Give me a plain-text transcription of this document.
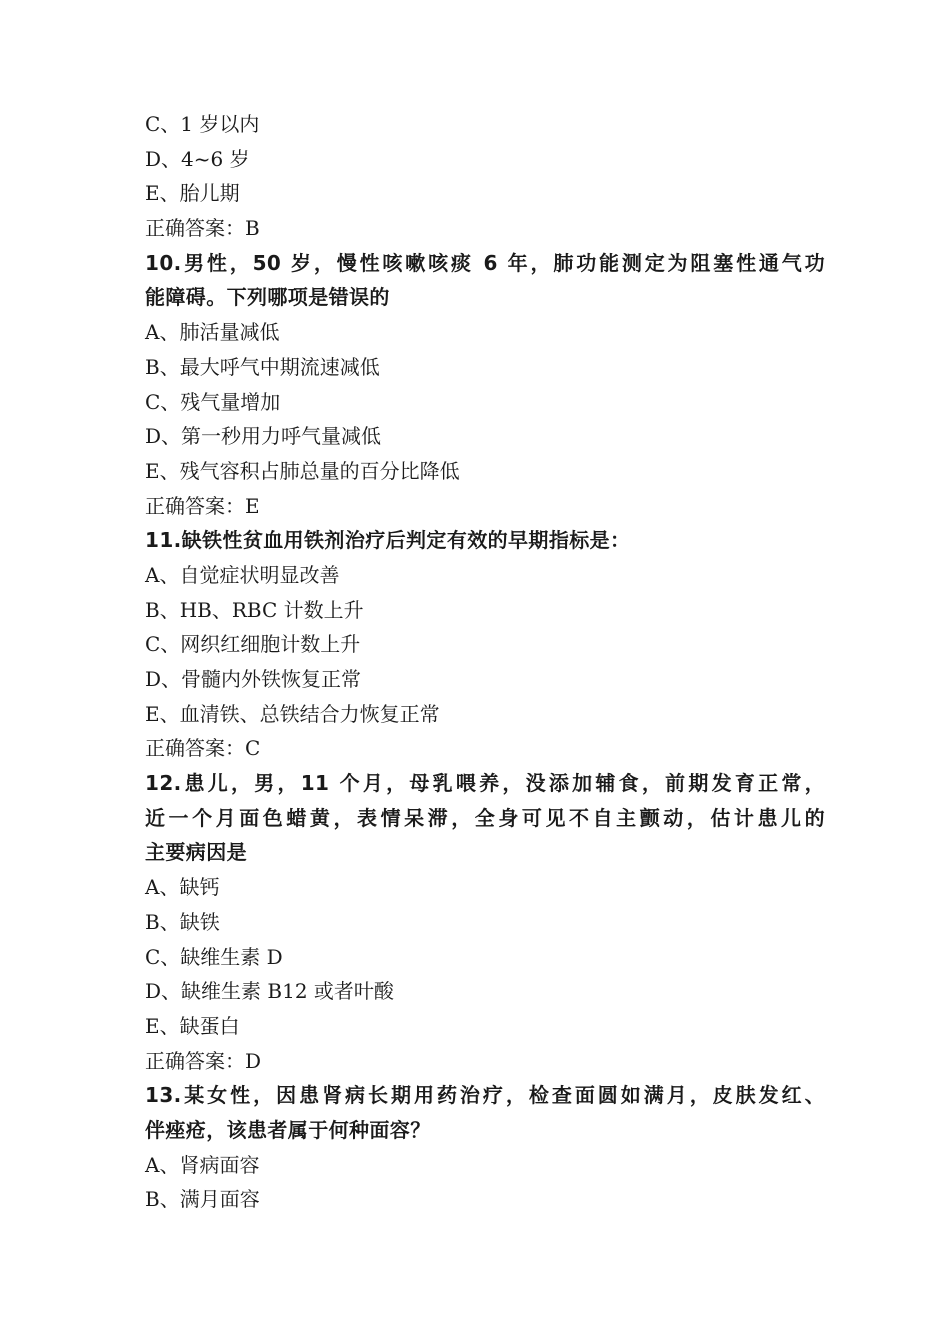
C、1 岁以内
D、4~6 岁
E、胎儿期
正确答案：B
10.男性，50 岁，慢性咳嗽咳痰 6 年，肺功能测定为阻塞性通气功
能障碍。下列哪项是错误的
A、肺活量减低
B、最大呼气中期流速减低
C、残气量增加
D、第一秒用力呼气量减低
E、残气容积占肺总量的百分比降低
正确答案：E
11.缺铁性贫血用铁剂治疗后判定有效的早期指标是：
A、自觉症状明显改善
B、HB、RBC 计数上升
C、网织红细胞计数上升
D、骨髓内外铁恢复正常
E、血清铁、总铁结合力恢复正常
正确答案：C
12.患儿，男，11 个月，母乳喂养，没添加辅食，前期发育正常，
近一个月面色蜡黄，表情呆滞，全身可见不自主颤动，估计患儿的
主要病因是
A、缺钙
B、缺铁
C、缺维生素 D
D、缺维生素 B12 或者叶酸
E、缺蛋白
正确答案：D
13.某女性，因患肾病长期用药治疗，检查面圆如满月，皮肤发红、
伴痤疮，该患者属于何种面容？
A、肾病面容
B、满月面容
